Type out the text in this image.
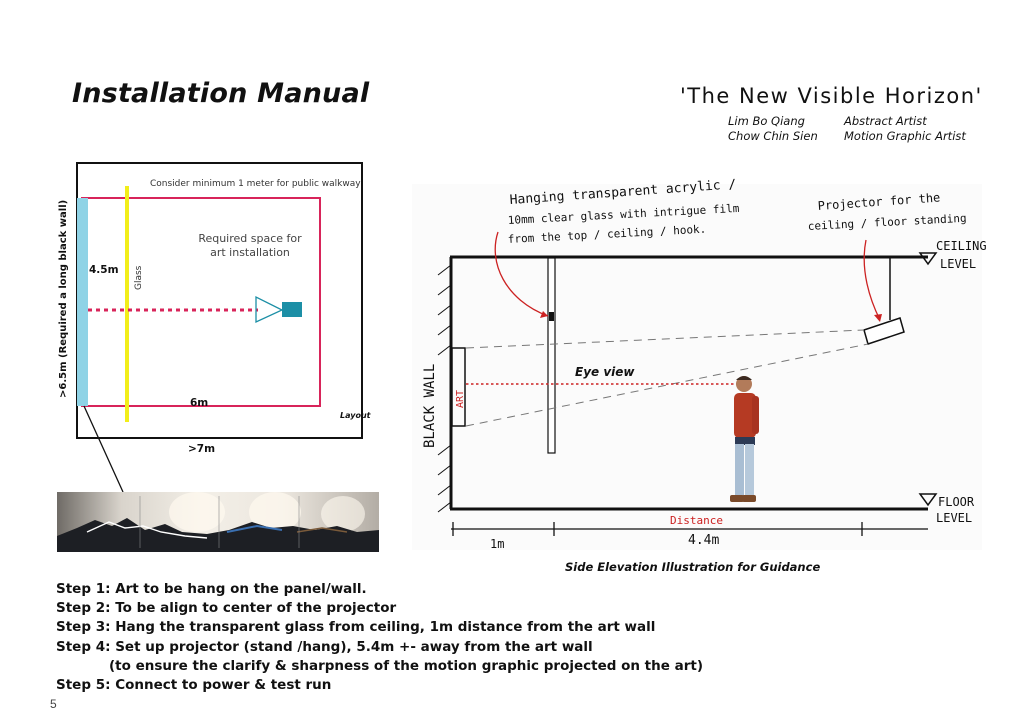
Installation Manual	'The New Visible Horizon'
Lim Bo Qiang	Abstract Artist
Chow Chin Sien	Motion Graphic Artist
Consider minimum 1 meter for public walkway
4.5m
6m
>7m
Layout
Glass
>6.5m (Required a long black wall)	Required space for art installation
Hanging transparent acrylic /
10mm clear glass with intrigue film
from the top / ceiling / hook.
Projector for the
ceiling / floor standing
CEILING
LEVEL
FLOOR
LEVEL
BLACK WALL ART
Eye view
Distance
1m	4.4m
Side Elevation Illustration for Guidance
Step 1: Art to be hang on the panel/wall.
Step 2: To be align to center of the projector
Step 3: Hang the transparent glass from ceiling, 1m distance from the art wall
Step 4: Set up projector (stand /hang), 5.4m +- away from the art wall
(to ensure the clarify & sharpness of the motion graphic projected on the art)
Step 5: Connect to power & test run
5
